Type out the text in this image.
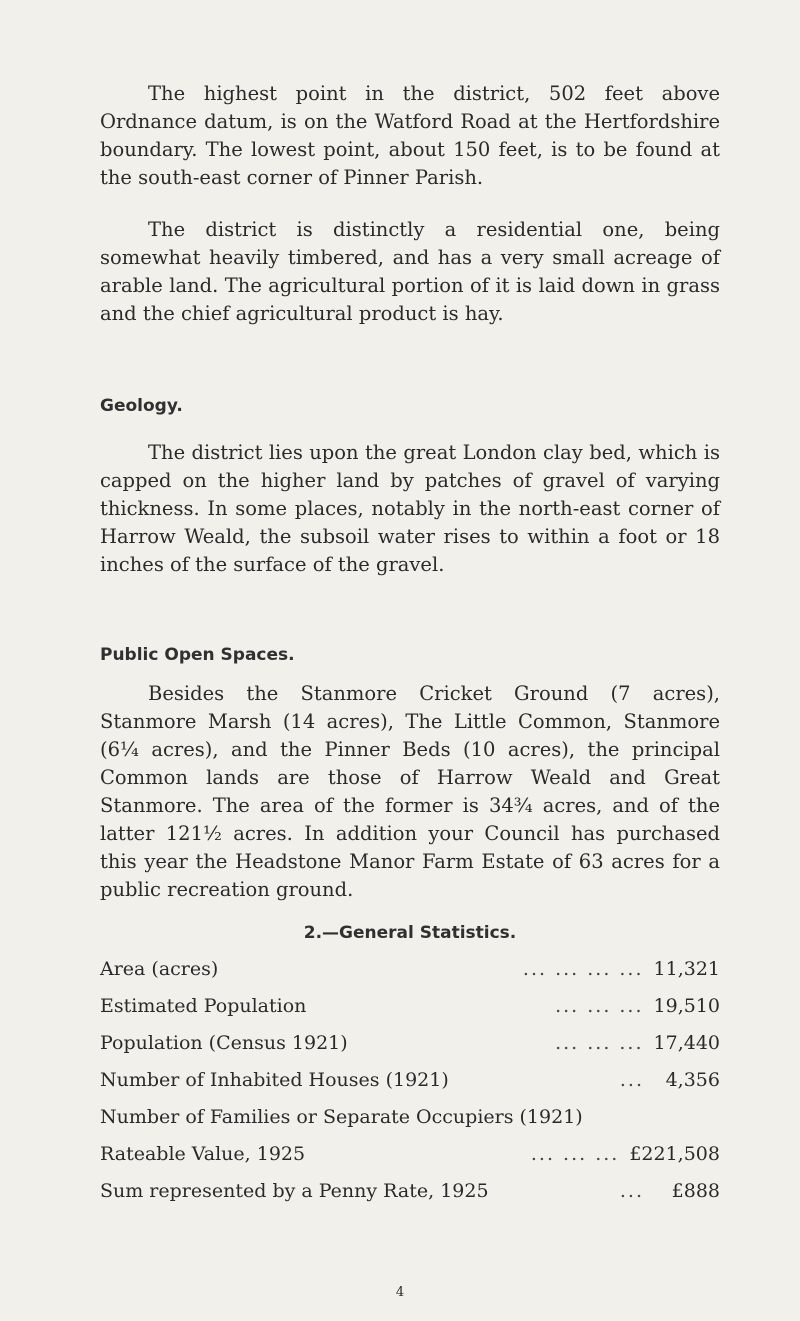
The highest point in the district, 502 feet above Ordnance datum, is on the Watford Road at the Hertfordshire boundary. The lowest point, about 150 feet, is to be found at the south-east corner of Pinner Parish.

The district is distinctly a residential one, being somewhat heavily timbered, and has a very small acreage of arable land. The agricultural portion of it is laid down in grass and the chief agricultural product is hay.

Geology.

The district lies upon the great London clay bed, which is capped on the higher land by patches of gravel of varying thickness. In some places, notably in the north-east corner of Harrow Weald, the subsoil water rises to within a foot or 18 inches of the surface of the gravel.

Public Open Spaces.

Besides the Stanmore Cricket Ground (7 acres), Stanmore Marsh (14 acres), The Little Common, Stanmore (6¼ acres), and the Pinner Beds (10 acres), the principal Common lands are those of Harrow Weald and Great Stanmore. The area of the former is 34¾ acres, and of the latter 121½ acres. In addition your Council has purchased this year the Headstone Manor Farm Estate of 63 acres for a public recreation ground.

2.—General Statistics.
Area (acres)	... ... ... ... 11,321
Estimated Population	... ... ... 19,510
Population (Census 1921)	... ... ... 17,440
Number of Inhabited Houses (1921)	...	4,356
Number of Families or Separate Occupiers (1921)
Rateable Value, 1925	... ... ... £221,508
Sum represented by a Penny Rate, 1925	...	£888
4
